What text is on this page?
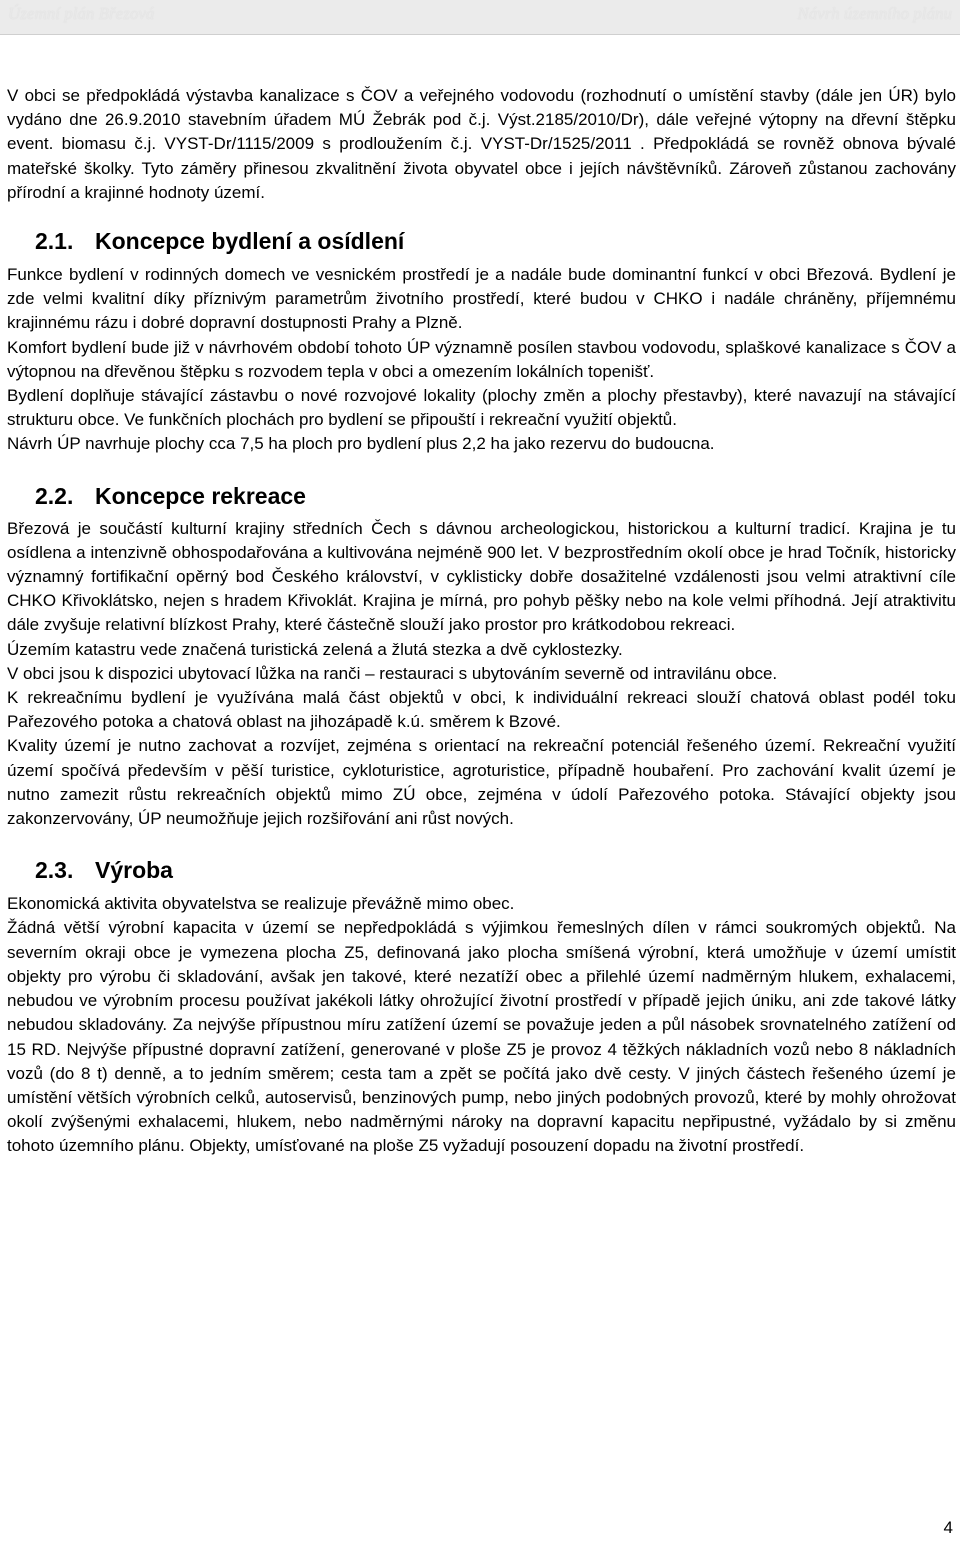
Územní plán Březová	Návrh územního plánu

V obci se předpokládá výstavba kanalizace s ČOV a veřejného vodovodu (rozhodnutí o umístění stavby (dále jen ÚR) bylo vydáno dne 26.9.2010 stavebním úřadem MÚ Žebrák pod č.j. Výst.2185/2010/Dr), dále veřejné výtopny na dřevní štěpku event. biomasu č.j. VYST-Dr/1115/2009 s prodloužením č.j. VYST-Dr/1525/2011 . Předpokládá se rovněž obnova bývalé mateřské školky. Tyto záměry přinesou zkvalitnění života obyvatel obce i jejích návštěvníků. Zároveň zůstanou zachovány přírodní a krajinné hodnoty území.

2.1. Koncepce bydlení a osídlení

Funkce bydlení v rodinných domech ve vesnickém prostředí je a nadále bude dominantní funkcí v obci Březová. Bydlení je zde velmi kvalitní díky příznivým parametrům životního prostředí, které budou v CHKO i nadále chráněny, příjemnému krajinnému rázu i dobré dopravní dostupnosti Prahy a Plzně.

Komfort bydlení bude již v návrhovém období tohoto ÚP významně posílen stavbou vodovodu, splaškové kanalizace s ČOV a výtopnou na dřevěnou štěpku s rozvodem tepla v obci a omezením lokálních topenišť.

Bydlení doplňuje stávající zástavbu o nové rozvojové lokality (plochy změn a plochy přestavby), které navazují na stávající strukturu obce. Ve funkčních plochách pro bydlení se připouští i rekreační využití objektů.

Návrh ÚP navrhuje plochy cca 7,5 ha ploch pro bydlení plus 2,2 ha jako rezervu do budoucna.

2.2. Koncepce rekreace

Březová je součástí kulturní krajiny středních Čech s dávnou archeologickou, historickou a kulturní tradicí. Krajina je tu osídlena a intenzivně obhospodařována a kultivována nejméně 900 let. V bezprostředním okolí obce je hrad Točník, historicky významný fortifikační opěrný bod Českého království, v cyklisticky dobře dosažitelné vzdálenosti jsou velmi atraktivní cíle CHKO Křivoklátsko, nejen s hradem Křivoklát. Krajina je mírná, pro pohyb pěšky nebo na kole velmi příhodná. Její atraktivitu dále zvyšuje relativní blízkost Prahy, které částečně slouží jako prostor pro krátkodobou rekreaci.

Územím katastru vede značená turistická zelená a žlutá stezka a dvě cyklostezky.

V obci jsou k dispozici ubytovací lůžka na ranči – restauraci s ubytováním severně od intravilánu obce.

K rekreačnímu bydlení je využívána malá část objektů v obci, k individuální rekreaci slouží chatová oblast podél toku Pařezového potoka a chatová oblast na jihozápadě k.ú. směrem k Bzové.

Kvality území je nutno zachovat a rozvíjet, zejména s orientací na rekreační potenciál řešeného území. Rekreační využití území spočívá především v pěší turistice, cykloturistice, agroturistice, případně houbaření. Pro zachování kvalit území je nutno zamezit růstu rekreačních objektů mimo ZÚ obce, zejména v údolí Pařezového potoka. Stávající objekty jsou zakonzervovány, ÚP neumožňuje jejich rozšiřování ani růst nových.

2.3. Výroba

Ekonomická aktivita obyvatelstva se realizuje převážně mimo obec.

Žádná větší výrobní kapacita v území se nepředpokládá s výjimkou řemeslných dílen v rámci soukromých objektů. Na severním okraji obce je vymezena plocha Z5, definovaná jako plocha smíšená výrobní, která umožňuje v území umístit objekty pro výrobu či skladování, avšak jen takové, které nezatíží obec a přilehlé území nadměrným hlukem, exhalacemi, nebudou ve výrobním procesu používat jakékoli látky ohrožující životní prostředí v případě jejich úniku, ani zde takové látky nebudou skladovány. Za nejvýše přípustnou míru zatížení území se považuje jeden a půl násobek srovnatelného zatížení od 15 RD. Nejvýše přípustné dopravní zatížení, generované v ploše Z5 je provoz 4 těžkých nákladních vozů nebo 8 nákladních vozů (do 8 t) denně, a to jedním směrem; cesta tam a zpět se počítá jako dvě cesty. V jiných částech řešeného území je umístění větších výrobních celků, autoservisů, benzinových pump, nebo jiných podobných provozů, které by mohly ohrožovat okolí zvýšenými exhalacemi, hlukem, nebo nadměrnými nároky na dopravní kapacitu nepřipustné, vyžádalo by si změnu tohoto územního plánu. Objekty, umísťované na ploše Z5 vyžadují posouzení dopadu na životní prostředí.

4
